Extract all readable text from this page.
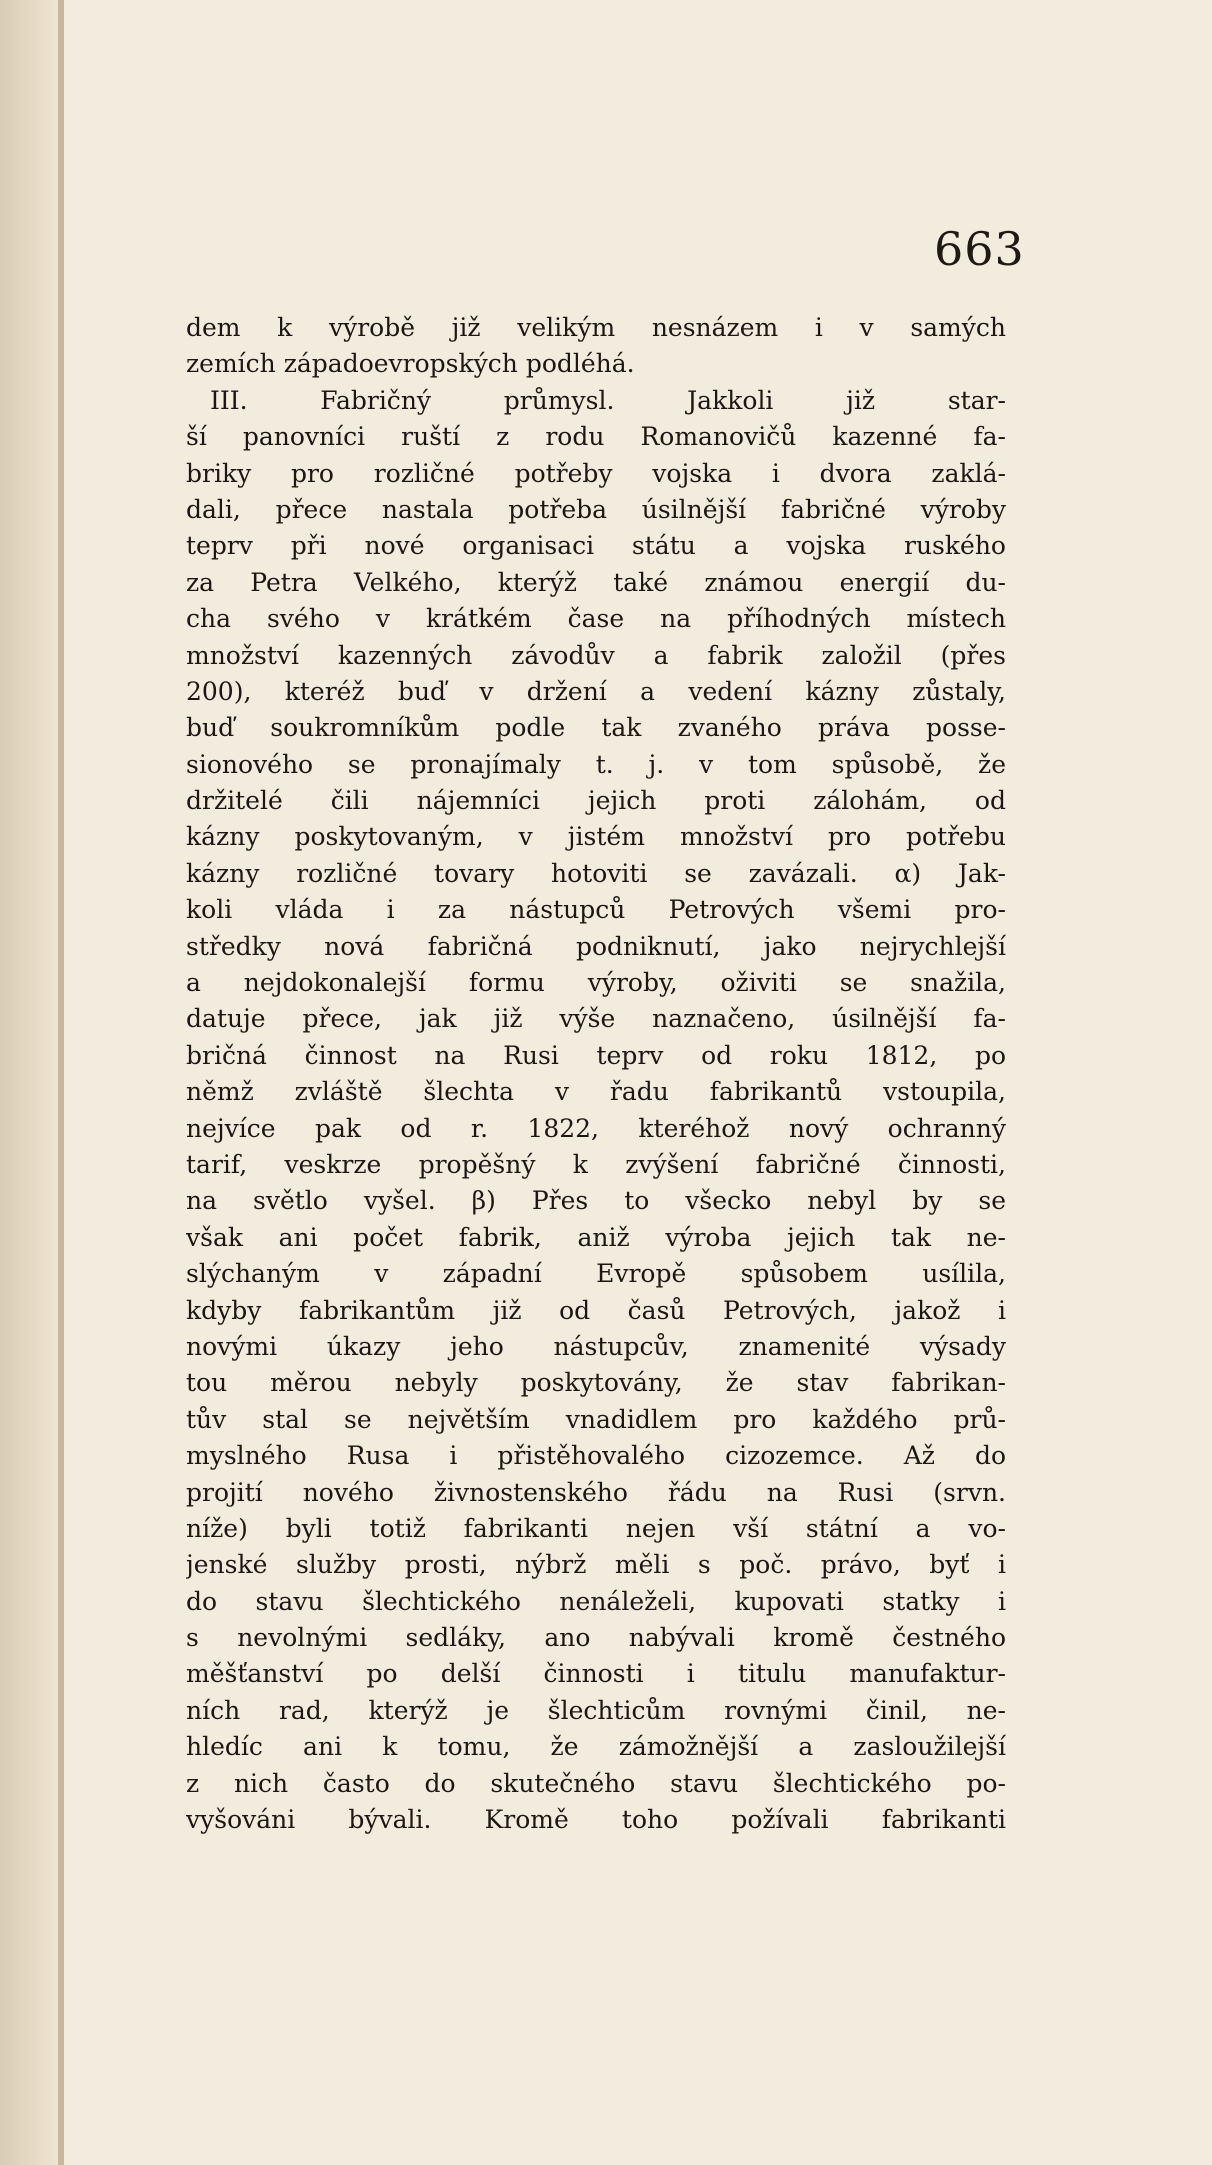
663
dem k výrobě již velikým nesnázem i v samých
zemích západoevropských podléhá.
III. Fabričný průmysl. Jakkoli již star-
ší panovníci ruští z rodu Romanovičů kazenné fa-
briky pro rozličné potřeby vojska i dvora zaklá-
dali, přece nastala potřeba úsilnější fabričné výroby
teprv při nové organisaci státu a vojska ruského
za Petra Velkého, kterýž také známou energií du-
cha svého v krátkém čase na příhodných místech
množství kazenných závodův a fabrik založil (přes
200), kteréž buď v držení a vedení kázny zůstaly,
buď soukromníkům podle tak zvaného práva posse-
sionového se pronajímaly t. j. v tom spůsobě, že
držitelé čili nájemníci jejich proti zálohám, od
kázny poskytovaným, v jistém množství pro potřebu
kázny rozličné tovary hotoviti se zavázali. α) Jak-
koli vláda i za nástupců Petrových všemi pro-
středky nová fabričná podniknutí, jako nejrychlejší
a nejdokonalejší formu výroby, oživiti se snažila,
datuje přece, jak již výše naznačeno, úsilnější fa-
bričná činnost na Rusi teprv od roku 1812, po
němž zvláště šlechta v řadu fabrikantů vstoupila,
nejvíce pak od r. 1822, kteréhož nový ochranný
tarif, veskrze propěšný k zvýšení fabričné činnosti,
na světlo vyšel. β) Přes to všecko nebyl by se
však ani počet fabrik, aniž výroba jejich tak ne-
slýchaným v západní Evropě spůsobem usílila,
kdyby fabrikantům již od časů Petrových, jakož i
novými úkazy jeho nástupcův, znamenité výsady
tou měrou nebyly poskytovány, že stav fabrikan-
tův stal se největším vnadidlem pro každého prů-
myslného Rusa i přistěhovalého cizozemce. Až do
projití nového živnostenského řádu na Rusi (srvn.
níže) byli totiž fabrikanti nejen vší státní a vo-
jenské služby prosti, nýbrž měli s poč. právo, byť i
do stavu šlechtického nenáleželi, kupovati statky i
s nevolnými sedláky, ano nabývali kromě čestného
měšťanství po delší činnosti i titulu manufaktur-
ních rad, kterýž je šlechticům rovnými činil, ne-
hledíc ani k tomu, že zámožnější a zasloužilejší
z nich často do skutečného stavu šlechtického po-
vyšováni bývali. Kromě toho požívali fabrikanti
